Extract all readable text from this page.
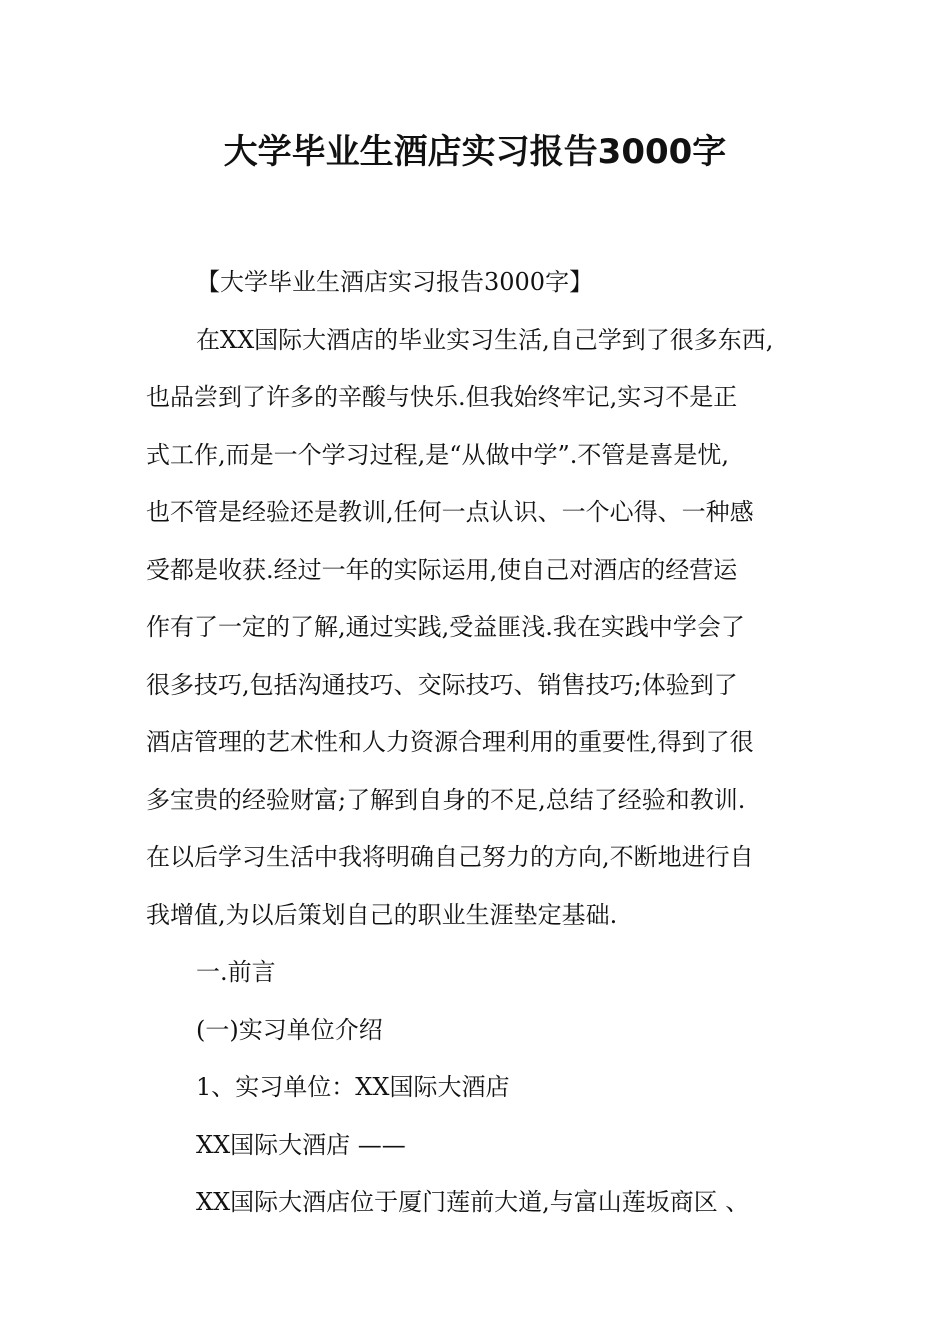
大学毕业生酒店实习报告3000字
【大学毕业生酒店实习报告3000字】
在XX国际大酒店的毕业实习生活,自己学到了很多东西,
也品尝到了许多的辛酸与快乐.但我始终牢记,实习不是正
式工作,而是一个学习过程,是“从做中学”.不管是喜是忧,
也不管是经验还是教训,任何一点认识、一个心得、一种感
受都是收获.经过一年的实际运用,使自己对酒店的经营运
作有了一定的了解,通过实践,受益匪浅.我在实践中学会了
很多技巧,包括沟通技巧、交际技巧、销售技巧;体验到了
酒店管理的艺术性和人力资源合理利用的重要性,得到了很
多宝贵的经验财富;了解到自身的不足,总结了经验和教训.
在以后学习生活中我将明确自己努力的方向,不断地进行自
我增值,为以后策划自己的职业生涯垫定基础.
一.前言
(一)实习单位介绍
1、实习单位：XX国际大酒店
XX国际大酒店 ——
XX国际大酒店位于厦门莲前大道,与富山莲坂商区 、
